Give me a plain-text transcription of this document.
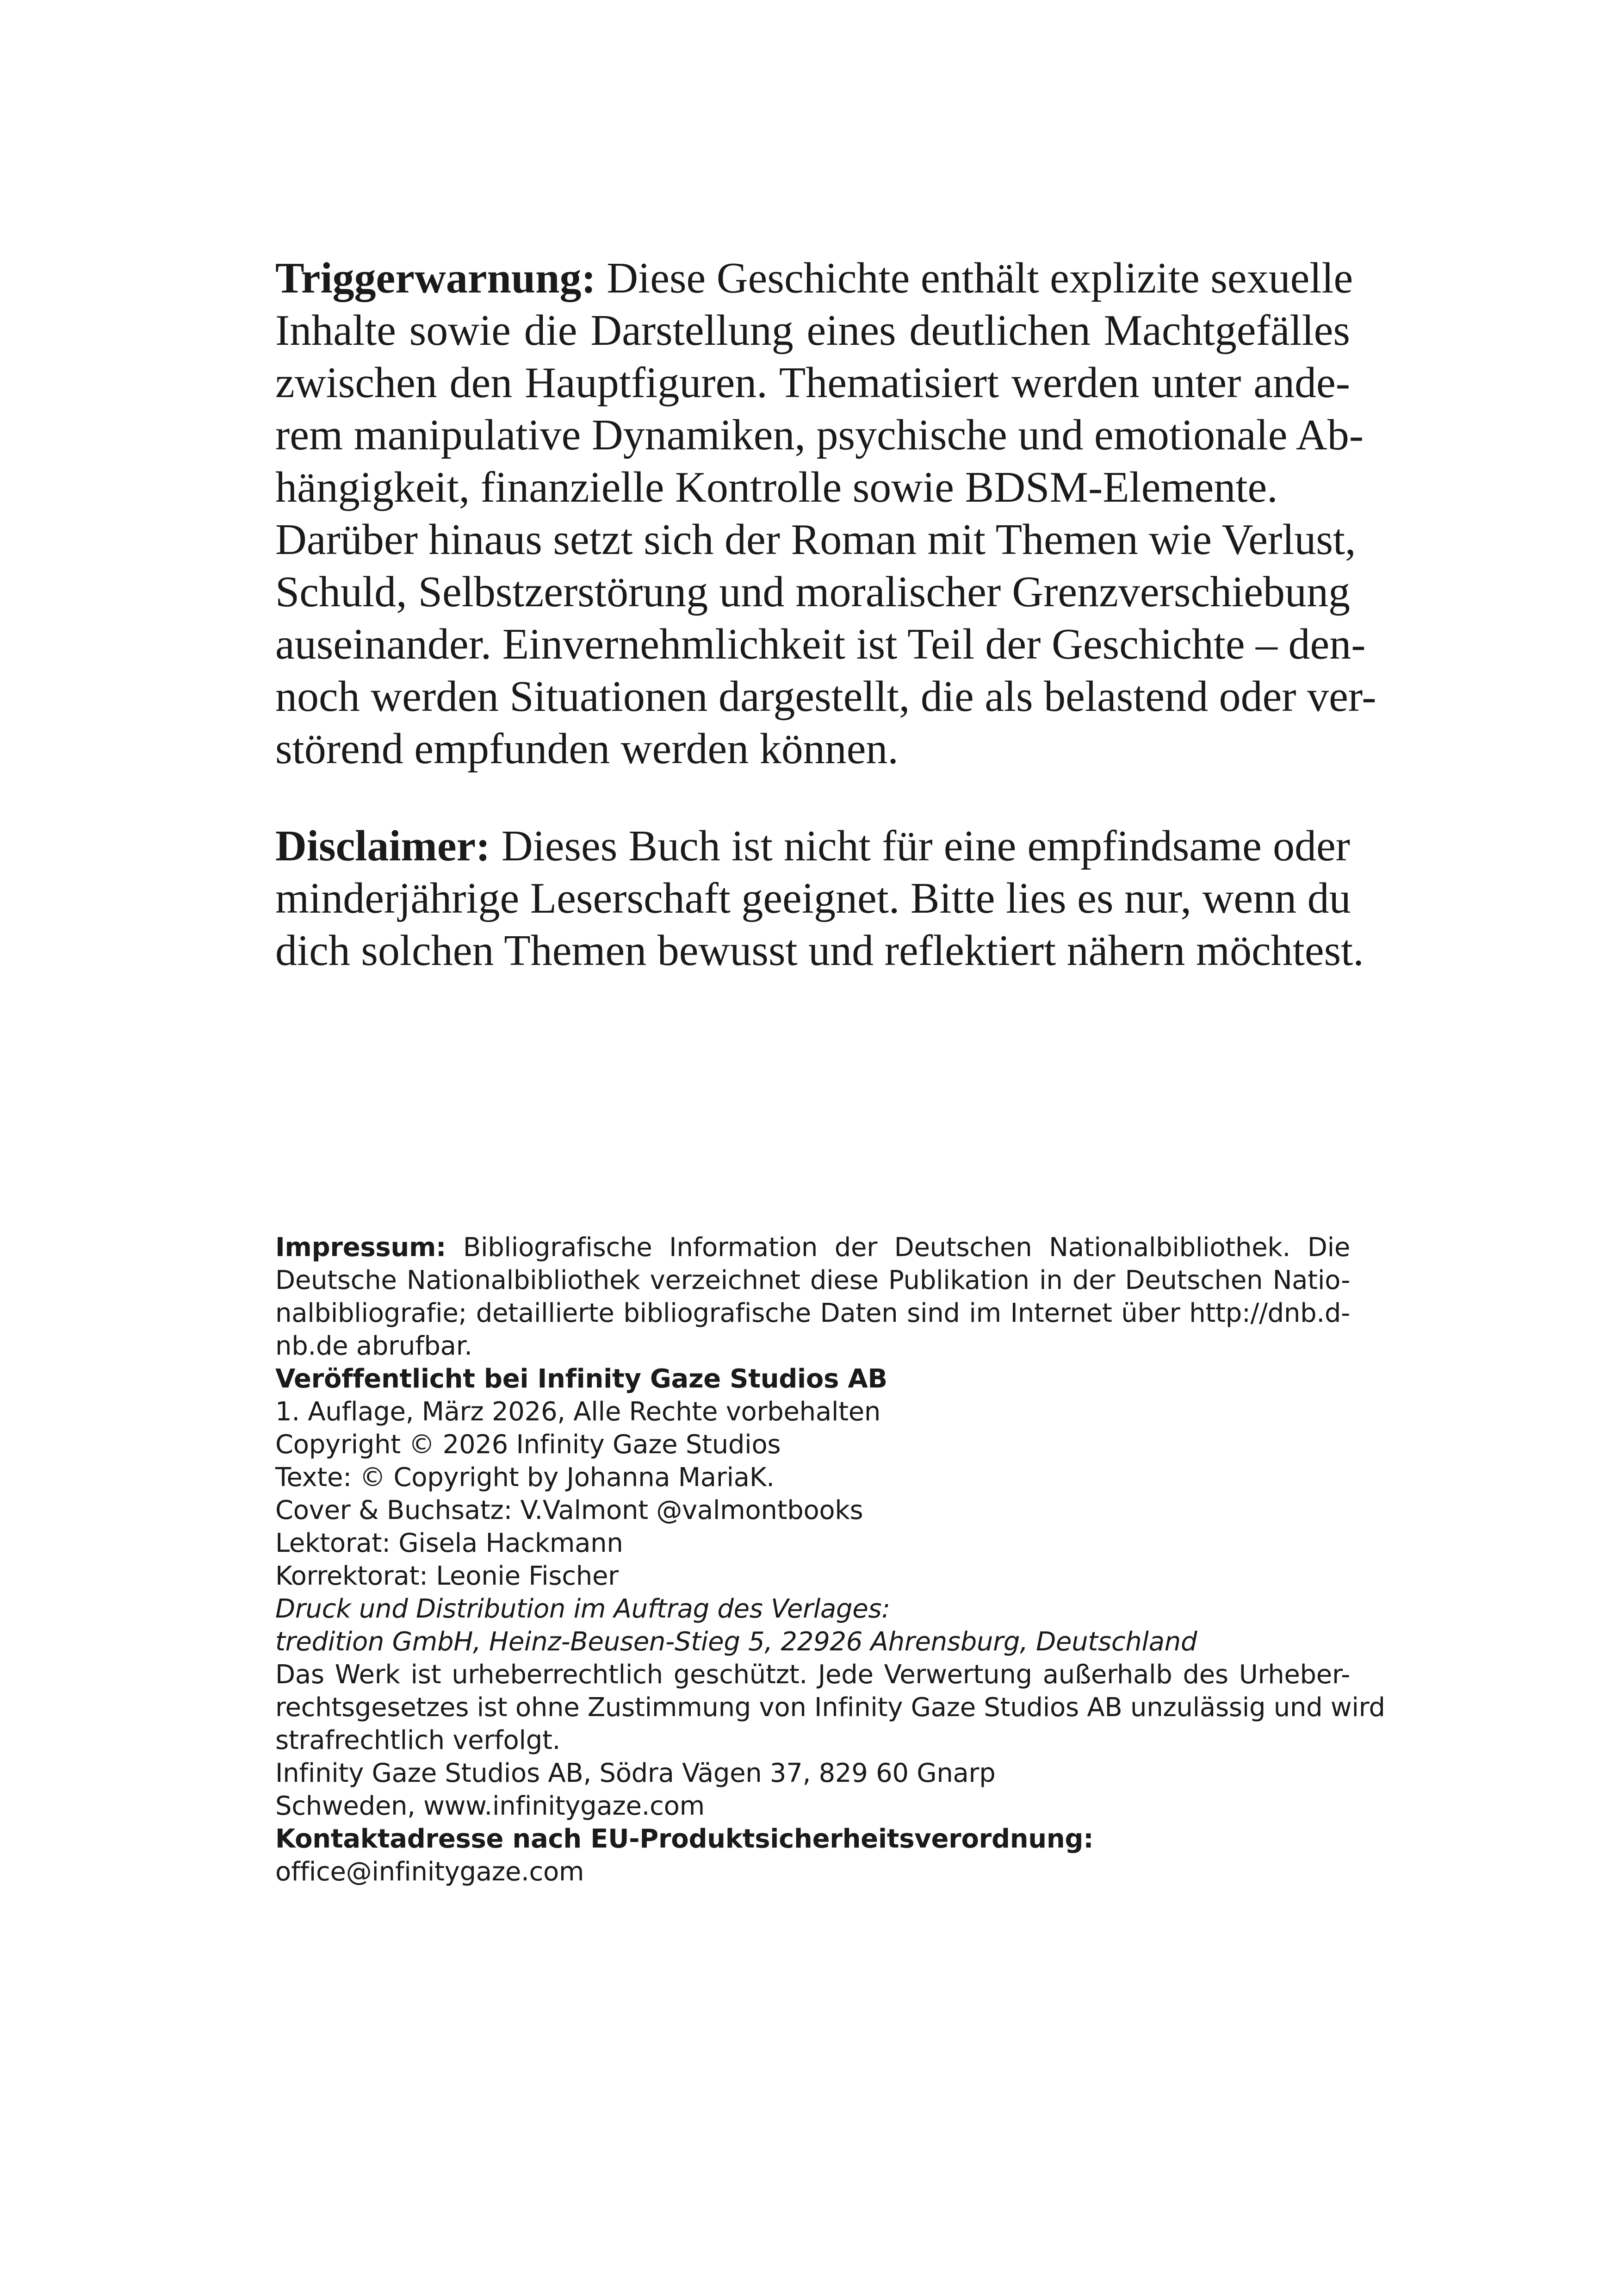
Triggerwarnung: Diese Geschichte enthält explizite sexuelle
Inhalte sowie die Darstellung eines deutlichen Machtgefälles
zwischen den Hauptfiguren. Thematisiert werden unter ande-
rem manipulative Dynamiken, psychische und emotionale Ab-
hängigkeit, finanzielle Kontrolle sowie BDSM-Elemente.
Darüber hinaus setzt sich der Roman mit Themen wie Verlust,
Schuld, Selbstzerstörung und moralischer Grenzverschiebung
auseinander. Einvernehmlichkeit ist Teil der Geschichte – den-
noch werden Situationen dargestellt, die als belastend oder ver-
störend empfunden werden können.
Disclaimer: Dieses Buch ist nicht für eine empfindsame oder
minderjährige Leserschaft geeignet. Bitte lies es nur, wenn du
dich solchen Themen bewusst und reflektiert nähern möchtest.
Impressum: Bibliografische Information der Deutschen Nationalbibliothek. Die
Deutsche Nationalbibliothek verzeichnet diese Publikation in der Deutschen Natio-
nalbibliografie; detaillierte bibliografische Daten sind im Internet über http://dnb.d-
nb.de abrufbar.
Veröffentlicht bei Infinity Gaze Studios AB
1. Auflage, März 2026, Alle Rechte vorbehalten
Copyright © 2026 Infinity Gaze Studios
Texte: © Copyright by Johanna MariaK.
Cover & Buchsatz: V.Valmont @valmontbooks
Lektorat: Gisela Hackmann
Korrektorat: Leonie Fischer
Druck und Distribution im Auftrag des Verlages:
tredition GmbH, Heinz-Beusen-Stieg 5, 22926 Ahrensburg, Deutschland
Das Werk ist urheberrechtlich geschützt. Jede Verwertung außerhalb des Urheber-
rechtsgesetzes ist ohne Zustimmung von Infinity Gaze Studios AB unzulässig und wird
strafrechtlich verfolgt.
Infinity Gaze Studios AB, Södra Vägen 37, 829 60 Gnarp
Schweden, www.infinitygaze.com
Kontaktadresse nach EU-Produktsicherheitsverordnung:
office@infinitygaze.com
